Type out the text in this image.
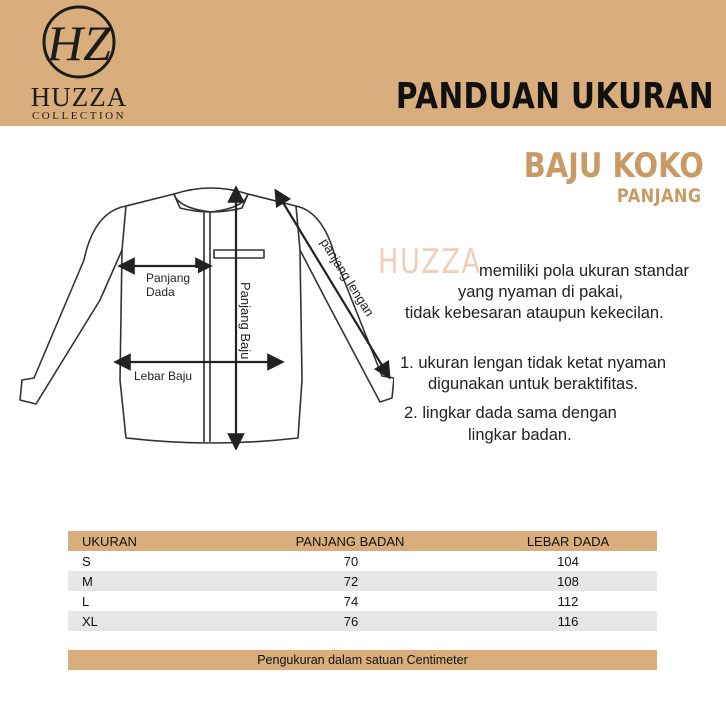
HZ
HUZZA
COLLECTION	PANDUAN UKURAN
BAJU KOKO
PANJANG
Panjang
Dada
Lebar Baju
Panjang Baju
panjang lengan HUZZA
memiliki pola ukuran standar
yang nyaman di pakai,
tidak kebesaran ataupun kekecilan.
1. ukuran lengan tidak ketat nyaman
digunakan untuk beraktifitas.
2. lingkar dada sama dengan
lingkar badan.
UKURAN	PANJANG BADAN	LEBAR DADA
S	70	104
M	72	108
L	74	112
XL	76	116
Pengukuran dalam satuan Centimeter
